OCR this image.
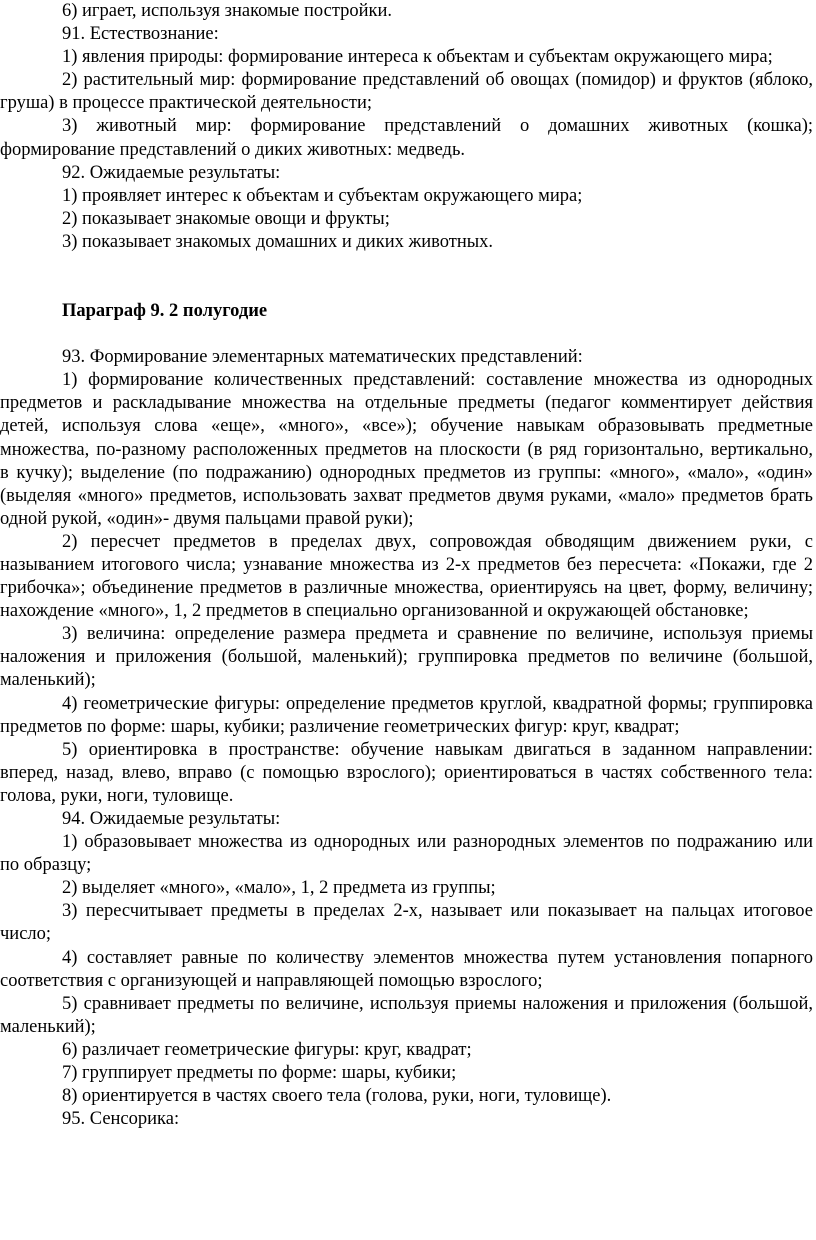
6) играет, используя знакомые постройки.

91. Естествознание:

1) явления природы: формирование интереса к объектам и субъектам окружающего мира;

2) растительный мир: формирование представлений об овощах (помидор) и фруктов (яблоко, груша) в процессе практической деятельности;

3) животный мир: формирование представлений о домашних животных (кошка); формирование представлений о диких животных: медведь.

92. Ожидаемые результаты:

1) проявляет интерес к объектам и субъектам окружающего мира;

2) показывает знакомые овощи и фрукты;

3) показывает знакомых домашних и диких животных.

Параграф 9. 2 полугодие

93. Формирование элементарных математических представлений:

1) формирование количественных представлений: составление множества из однородных предметов и раскладывание множества на отдельные предметы (педагог комментирует действия детей, используя слова «еще», «много», «все»); обучение навыкам образовывать предметные множества, по-разному расположенных предметов на плоскости (в ряд горизонтально, вертикально,

в кучку); выделение (по подражанию) однородных предметов из группы: «много», «мало», «один» (выделяя «много» предметов, использовать захват предметов двумя руками, «мало» предметов брать одной рукой, «один»- двумя пальцами правой руки);

2) пересчет предметов в пределах двух, сопровождая обводящим движением руки, с называнием итогового числа; узнавание множества из 2-х предметов без пересчета: «Покажи, где 2 грибочка»; объединение предметов в различные множества, ориентируясь на цвет, форму, величину; нахождение «много», 1, 2 предметов в специально организованной и окружающей обстановке;

3) величина: определение размера предмета и сравнение по величине, используя приемы наложения и приложения (большой, маленький); группировка предметов по величине (большой, маленький);

4) геометрические фигуры: определение предметов круглой, квадратной формы; группировка предметов по форме: шары, кубики; различение геометрических фигур: круг, квадрат;

5) ориентировка в пространстве: обучение навыкам двигаться в заданном направлении: вперед, назад, влево, вправо (с помощью взрослого); ориентироваться в частях собственного тела: голова, руки, ноги, туловище.

94. Ожидаемые результаты:

1) образовывает множества из однородных или разнородных элементов по подражанию или по образцу;

2) выделяет «много», «мало», 1, 2 предмета из группы;

3) пересчитывает предметы в пределах 2-х, называет или показывает на пальцах итоговое число;

4) составляет равные по количеству элементов множества путем установления попарного соответствия с организующей и направляющей помощью взрослого;

5) сравнивает предметы по величине, используя приемы наложения и приложения (большой, маленький);

6) различает геометрические фигуры: круг, квадрат;

7) группирует предметы по форме: шары, кубики;

8) ориентируется в частях своего тела (голова, руки, ноги, туловище).

95. Сенсорика:
